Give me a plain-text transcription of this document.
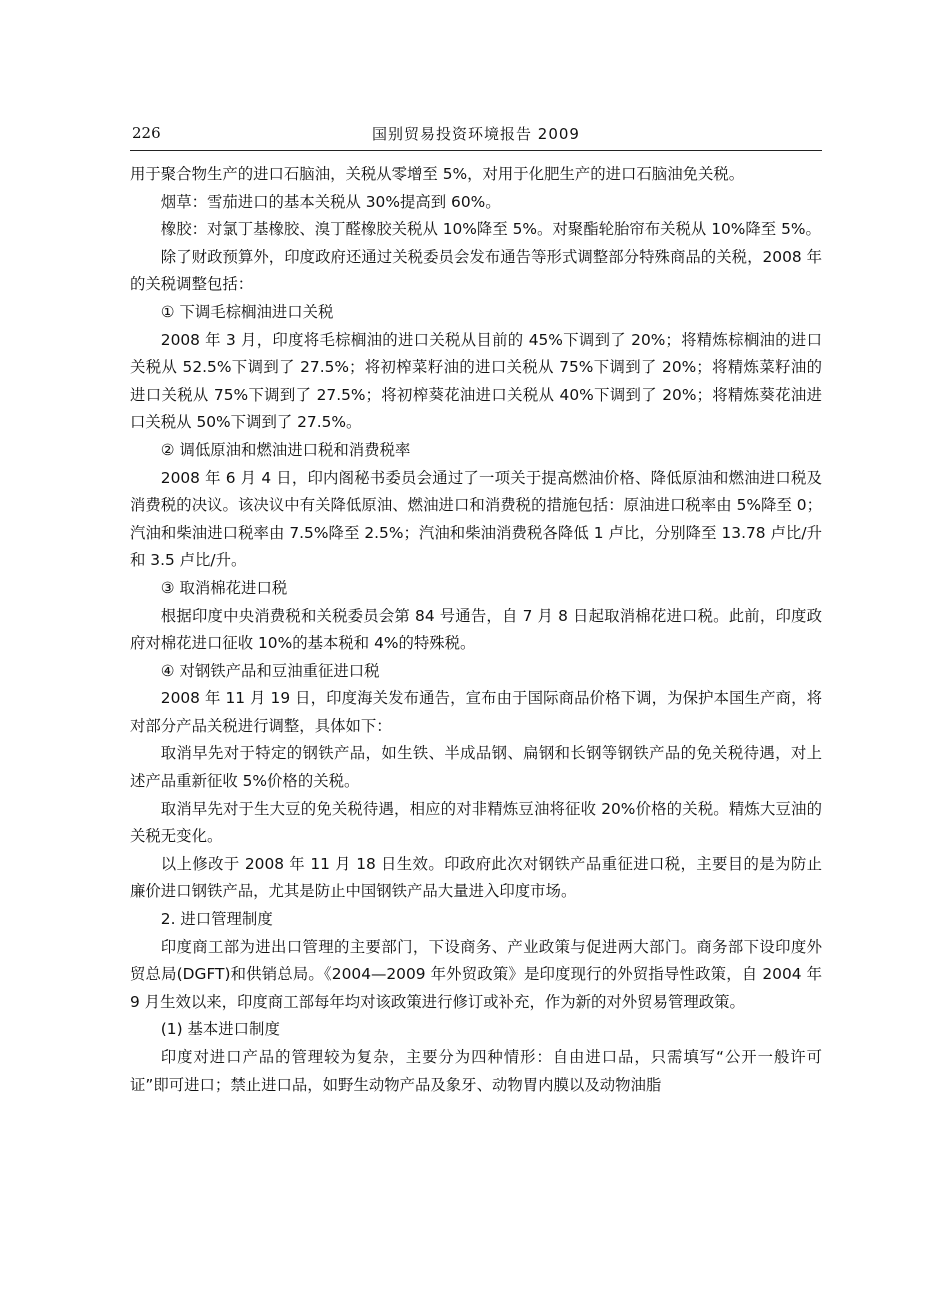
226	国别贸易投资环境报告 2009

用于聚合物生产的进口石脑油，关税从零增至 5%，对用于化肥生产的进口石脑油免关税。

烟草：雪茄进口的基本关税从 30%提高到 60%。

橡胶：对氯丁基橡胶、溴丁醛橡胶关税从 10%降至 5%。对聚酯轮胎帘布关税从 10%降至 5%。

除了财政预算外，印度政府还通过关税委员会发布通告等形式调整部分特殊商品的关税，2008 年的关税调整包括：

① 下调毛棕榈油进口关税

2008 年 3 月，印度将毛棕榈油的进口关税从目前的 45%下调到了 20%；将精炼棕榈油的进口关税从 52.5%下调到了 27.5%；将初榨菜籽油的进口关税从 75%下调到了 20%；将精炼菜籽油的进口关税从 75%下调到了 27.5%；将初榨葵花油进口关税从 40%下调到了 20%；将精炼葵花油进口关税从 50%下调到了 27.5%。

② 调低原油和燃油进口税和消费税率

2008 年 6 月 4 日，印内阁秘书委员会通过了一项关于提高燃油价格、降低原油和燃油进口税及消费税的决议。该决议中有关降低原油、燃油进口和消费税的措施包括：原油进口税率由 5%降至 0；汽油和柴油进口税率由 7.5%降至 2.5%；汽油和柴油消费税各降低 1 卢比，分别降至 13.78 卢比/升和 3.5 卢比/升。

③ 取消棉花进口税

根据印度中央消费税和关税委员会第 84 号通告，自 7 月 8 日起取消棉花进口税。此前，印度政府对棉花进口征收 10%的基本税和 4%的特殊税。

④ 对钢铁产品和豆油重征进口税

2008 年 11 月 19 日，印度海关发布通告，宣布由于国际商品价格下调，为保护本国生产商，将对部分产品关税进行调整，具体如下：

取消早先对于特定的钢铁产品，如生铁、半成品钢、扁钢和长钢等钢铁产品的免关税待遇，对上述产品重新征收 5%价格的关税。

取消早先对于生大豆的免关税待遇，相应的对非精炼豆油将征收 20%价格的关税。精炼大豆油的关税无变化。

以上修改于 2008 年 11 月 18 日生效。印政府此次对钢铁产品重征进口税，主要目的是为防止廉价进口钢铁产品，尤其是防止中国钢铁产品大量进入印度市场。

2. 进口管理制度

印度商工部为进出口管理的主要部门，下设商务、产业政策与促进两大部门。商务部下设印度外贸总局(DGFT)和供销总局。《2004—2009 年外贸政策》是印度现行的外贸指导性政策，自 2004 年 9 月生效以来，印度商工部每年均对该政策进行修订或补充，作为新的对外贸易管理政策。

(1) 基本进口制度

印度对进口产品的管理较为复杂，主要分为四种情形：自由进口品，只需填写“公开一般许可证”即可进口；禁止进口品，如野生动物产品及象牙、动物胃内膜以及动物油脂
